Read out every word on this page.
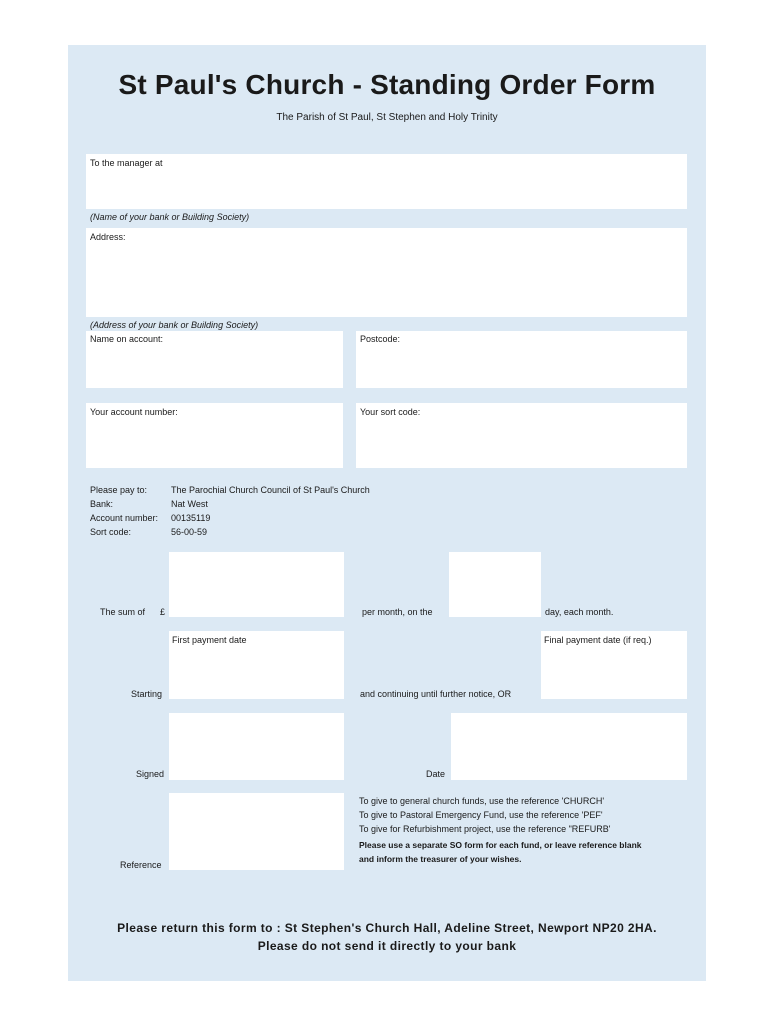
St Paul's Church - Standing Order Form
The Parish of St Paul, St Stephen and Holy Trinity
To the manager at
(Name of your bank or Building Society)
Address:
(Address of your bank or Building Society)
Name on account:	Postcode:
Your account number:	Your sort code:
Please pay to:	The Parochial Church Council of St Paul's Church
Bank:	Nat West
Account number: 00135119
Sort code:	56-00-59
The sum of £	per month, on the	day, each month.
First payment date
Starting	and continuing until further notice, OR
Final payment date (if req.)
Signed	Date
Reference
To give to general church funds, use the reference 'CHURCH'
To give to Pastoral Emergency Fund, use the reference 'PEF'
To give for Refurbishment project, use the reference "REFURB'
Please use a separate SO form for each fund, or leave reference blank
and inform the treasurer of your wishes.
Please return this form to : St Stephen's Church Hall, Adeline Street, Newport NP20 2HA.
Please do not send it directly to your bank
